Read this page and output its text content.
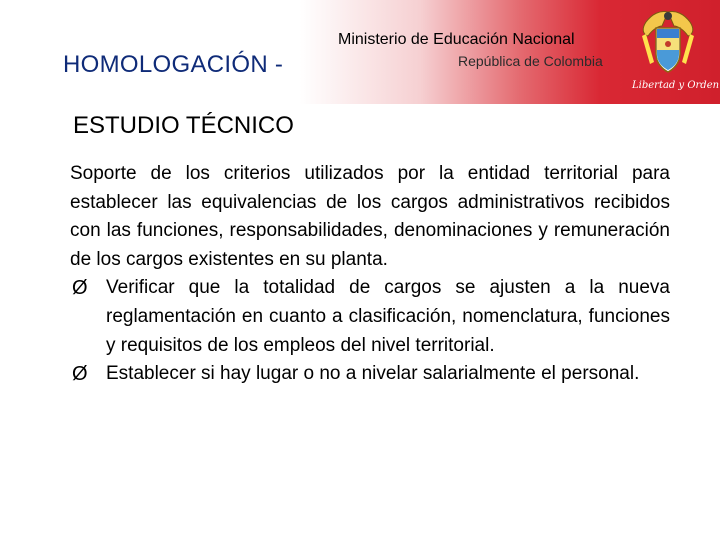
HOMOLOGACIÓN -
Ministerio de Educación Nacional
República de Colombia
Libertad y Orden
ESTUDIO TÉCNICO

Soporte de los criterios utilizados por la entidad territorial para establecer las equivalencias de los cargos administrativos recibidos con las funciones, responsabilidades, denominaciones y remuneración de los cargos existentes en su planta.

Ø Verificar que la totalidad de cargos se ajusten a la nueva reglamentación en cuanto a clasificación, nomenclatura, funciones y requisitos de los empleos del nivel territorial.
Ø Establecer si hay lugar o no a nivelar salarialmente el personal.
